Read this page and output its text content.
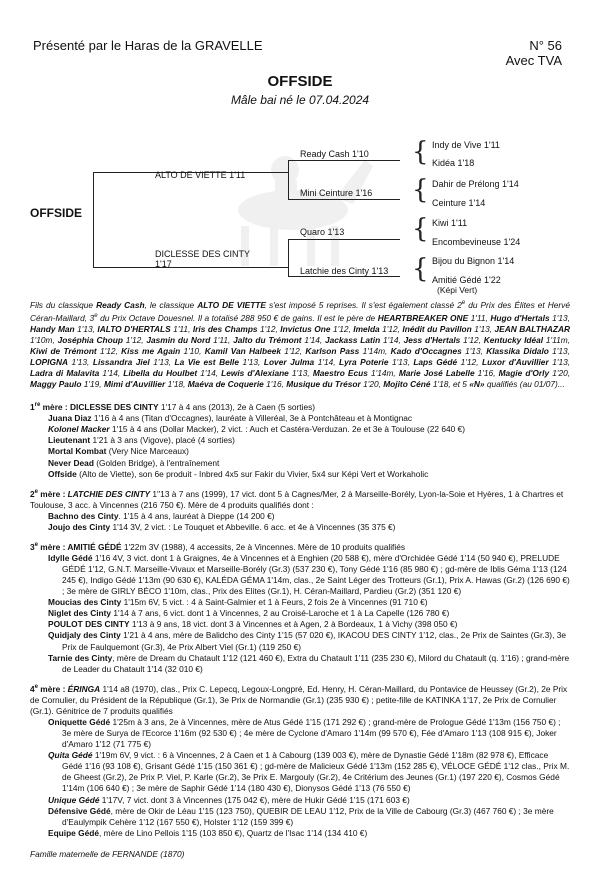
Présenté par le Haras de la GRAVELLE	N° 56
Avec TVA
OFFSIDE
Mâle bai né le 07.04.2024
OFFSIDE
ALTO DE VIETTE 1'11
DICLESSE DES CINTY
1'17
Ready Cash 1'10
Mini Ceinture 1'16
Quaro 1'13
Latchie des Cinty 1'13
{
{
{
{
Indy de Vive 1'11
Kidéa 1'18
Dahir de Prélong 1'14
Ceinture 1'14
Kiwi 1'11
Encombevineuse 1'24
Bijou du Bignon 1'14
Amitié Gédé 1'22
(Képi Vert)

Fils du classique Ready Cash, le classique ALTO DE VIETTE s'est imposé 5 reprises. Il s'est également classé 2e du Prix des Élites et Hervé Céran-Maillard, 3e du Prix Octave Douesnel. Il a totalisé 288 950 € de gains. Il est le père de HEARTBREAKER ONE 1'11, Hugo d'Hertals 1'13, Handy Man 1'13, IALTO D'HERTALS 1'11, Iris des Champs 1'12, Invictus One 1'12, Imelda 1'12, Inédit du Pavillon 1'13, JEAN BALTHAZAR 1'10m, Joséphia Choup 1'12, Jasmin du Nord 1'11, Jalto du Trémont 1'14, Jackass Latin 1'14, Jess d'Hertals 1'12, Kentucky Idéal 1'11m, Kiwi de Trémont 1'12, Kiss me Again 1'10, Kamil Van Halbeek 1'12, Karlson Pass 1'14m, Kado d'Occagnes 1'13, Klassika Didalo 1'13, LOPIGNA 1'13, Lissandra Jiel 1'13, La Vie est Belle 1'13, Lover Julma 1'14, Lyra Poterie 1'13, Laps Gédé 1'12, Luxor d'Auvillier 1'13, Ladra di Malavita 1'14, Libella du Houlbet 1'14, Lewis d'Alexiane 1'13, Maestro Ecus 1'14m, Marie José Labelle 1'16, Magie d'Orly 1'20, Maggy Paulo 1'19, Mimi d'Auvillier 1'18, Maéva de Coquerie 1'16, Musique du Trésor 1'20, Mojito Céné 1'18, et 5 «N» qualifiés (au 01/07)...

1re mère : DICLESSE DES CINTY 1'17 à 4 ans (2013), 2e à Caen (5 sorties)

Juana Diaz 1'16 à 4 ans (Titan d'Occagnes), lauréate à Villeréal, 3e à Pontchâteau et à Montignac

Kolonel Macker 1'15 à 4 ans (Dollar Macker), 2 vict. : Auch et Castéra-Verduzan. 2e et 3e à Toulouse (22 640 €)

Lieutenant 1'21 à 3 ans (Vigove), placé (4 sorties)

Mortal Kombat (Very Nice Marceaux)

Never Dead (Golden Bridge), à l'entraînement

Offside (Alto de Viette), son 6e produit - Inbred 4x5 sur Fakir du Vivier, 5x4 sur Képi Vert et Workaholic

2e mère : LATCHIE DES CINTY 1''13 à 7 ans (1999), 17 vict. dont 5 à Cagnes/Mer, 2 à Marseille-Borély, Lyon-la-Soie et Hyères, 1 à Chartres et Toulouse, 3 acc. à Vincennes (216 750 €). Mère de 4 produits qualifiés dont :

Bachno des Cinty. 1'15 à 4 ans, lauréat à Dieppe (14 200 €)

Joujo des Cinty 1'14 3V, 2 vict. : Le Touquet et Abbeville. 6 acc. et 4e à Vincennes (35 375 €)

3e mère : AMITIÉ GÉDÉ 1'22m 3V (1988), 4 accessits, 2e à Vincennes. Mère de 10 produits qualifiés

Idylle Gédé 1'16 4V, 3 vict. dont 1 à Graignes, 4e à Vincennes et à Enghien (20 588 €), mère d'Orchidée Gédé 1'14 (50 940 €), PRELUDE GÉDÉ 1'12, G.N.T. Marseille-Vivaux et Marseille-Borély (Gr.3) (537 230 €), Tony Gédé 1'16 (85 980 €) ; gd-mère de Iblis Géma 1'13 (124 245 €), Indigo Gédé 1'13m (90 630 €), KALÉDA GÉMA 1'14m, clas., 2e Saint Léger des Trotteurs (Gr.1), Prix A. Hawas (Gr.2) (126 690 €) ; 3e mère de GIRLY BÉCO 1'10m, clas., Prix des Elites (Gr.1), H. Céran-Maillard, Pardieu (Gr.2) (351 120 €)

Moucias des Cinty 1'15m 6V, 5 vict. : 4 à Saint-Galmier et 1 à Feurs, 2 fois 2e à Vincennes (91 710 €)

Niglet des Cinty 1'14 à 7 ans, 6 vict. dont 1 à Vincennes, 2 au Croisé-Laroche et 1 à La Capelle (126 780 €)

POULOT DES CINTY 1'13 à 9 ans, 18 vict. dont 3 à Vincennes et à Agen, 2 à Bordeaux, 1 à Vichy (398 050 €)

Quidjaly des Cinty 1'21 à 4 ans, mère de Balidcho des Cinty 1'15 (57 020 €), IKACOU DES CINTY 1'12, clas., 2e Prix de Saintes (Gr.3), 3e Prix de Faulquemont (Gr.3), 4e Prix Albert Viel (Gr.1) (119 250 €)

Tarnie des Cinty, mère de Dream du Chatault 1'12 (121 460 €), Extra du Chatault 1'11 (235 230 €), Milord du Chatault (q. 1'16) ; grand-mère de Leader du Chatault 1'14 (32 010 €)

4e mère : ÉRINGA 1'14 a8 (1970), clas., Prix C. Lepecq, Legoux-Longpré, Ed. Henry, H. Céran-Maillard, du Pontavice de Heussey (Gr.2), 2e Prix de Cornulier, du Président de la République (Gr.1), 3e Prix de Normandie (Gr.1) (235 930 €) ; petite-fille de KATINKA 1'17, 2e Prix de Cornulier (Gr.1). Génitrice de 7 produits qualifiés

Oniquette Gédé 1'25m à 3 ans, 2e à Vincennes, mère de Atus Gédé 1'15 (171 292 €) ; grand-mère de Prologue Gédé 1'13m (156 750 €) ; 3e mère de Surya de l'Ecorce 1'16m (92 530 €) ; 4e mère de Cyclone d'Amaro 1'14m (99 570 €), Fée d'Amaro 1'13 (108 915 €), Joker d'Amaro 1'12 (71 775 €)

Quita Gédé 1'19m 6V, 9 vict. : 6 à Vincennes, 2 à Caen et 1 à Cabourg (139 003 €), mère de Dynastie Gédé 1'18m (82 978 €), Efficace Gédé 1'16 (93 108 €), Grisant Gédé 1'15 (150 361 €) ; gd-mère de Malicieux Gédé 1'13m (152 285 €), VÉLOCE GÉDÉ 1'12 clas., Prix M. de Gheest (Gr.2), 2e Prix P. Viel, P. Karle (Gr.2), 3e Prix E. Margouly (Gr.2), 4e Critérium des Jeunes (Gr.1) (197 220 €), Cosmos Gédé 1'14m (106 640 €) ; 3e mère de Saphir Gédé 1'14 (180 430 €), Dionysos Gédé 1'13 (76 550 €)

Unique Gédé 1'17V, 7 vict. dont 3 à Vincennes (175 042 €), mère de Hukir Gédé 1'15 (171 603 €)

Défensive Gédé, mère de Okir de Léau 1'15 (123 750), QUEBIR DE LEAU 1'12, Prix de la Ville de Cabourg (Gr.3) (467 760 €) ; 3e mère d'Eaulympik Cehère 1'12 (167 550 €), Holster 1'12 (159 399 €)

Equipe Gédé, mère de Lino Pellois 1'15 (103 850 €), Quartz de l'Isac 1'14 (134 410 €)

Famille maternelle de FERNANDE (1870)
